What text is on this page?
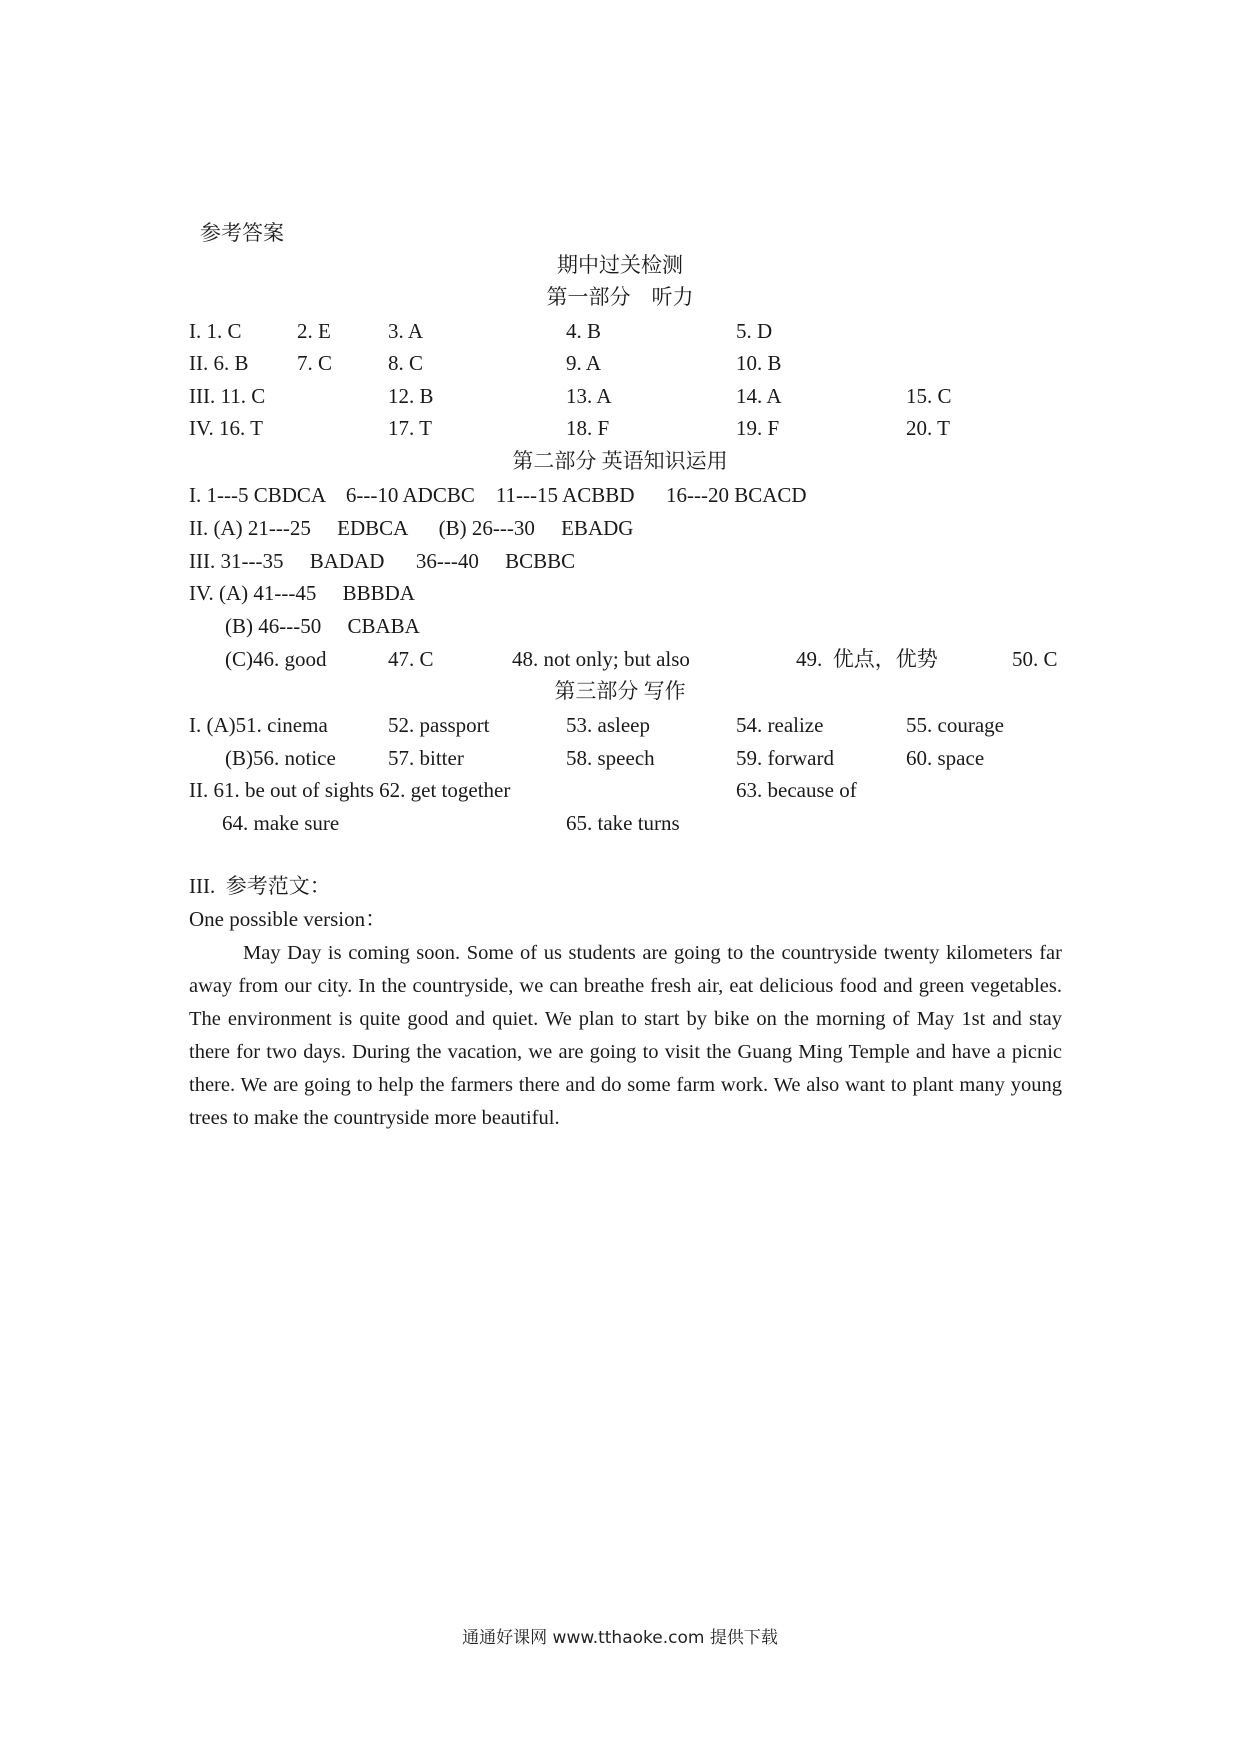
参考答案
期中过关检测
第一部分    听力
I. 1. C	2. E	3. A	4. B	5. D
II. 6. B 7. C	8. C	9. A	10. B
III. 11. C	12. B	13. A	14. A	15. C
IV. 16. T	17. T	18. F	19. F	20. T
第二部分 英语知识运用
I. 1---5 CBDCA    6---10 ADCBC    11---15 ACBBD      16---20 BCACD
II. (A) 21---25     EDBCA      (B) 26---30     EBADG
III. 31---35     BADAD      36---40     BCBBC
IV. (A) 41---45     BBBDA
(B) 46---50     CBABA
(C)46. good	47. C	48. not only; but also	49.  优点，优势	50. C
第三部分 写作
I. (A)51. cinema	52. passport	53. asleep	54. realize	55. courage
(B)56. notice 57. bitter	58. speech	59. forward	60. space
II. 61. be out of sights 62. get together	63. because of
64. make sure	65. take turns
III.  参考范文：
One possible version：
May Day is coming soon. Some of us students are going to the countryside twenty kilometers far away from our city. In the countryside, we can breathe fresh air, eat delicious food and green vegetables. The environment is quite good and quiet. We plan to start by bike on the morning of May 1st and stay there for two days. During the vacation, we are going to visit the Guang Ming Temple and have a picnic there. We are going to help the farmers there and do some farm work. We also want to plant many young trees to make the countryside more beautiful.
通通好课网 www.tthaoke.com 提供下载
